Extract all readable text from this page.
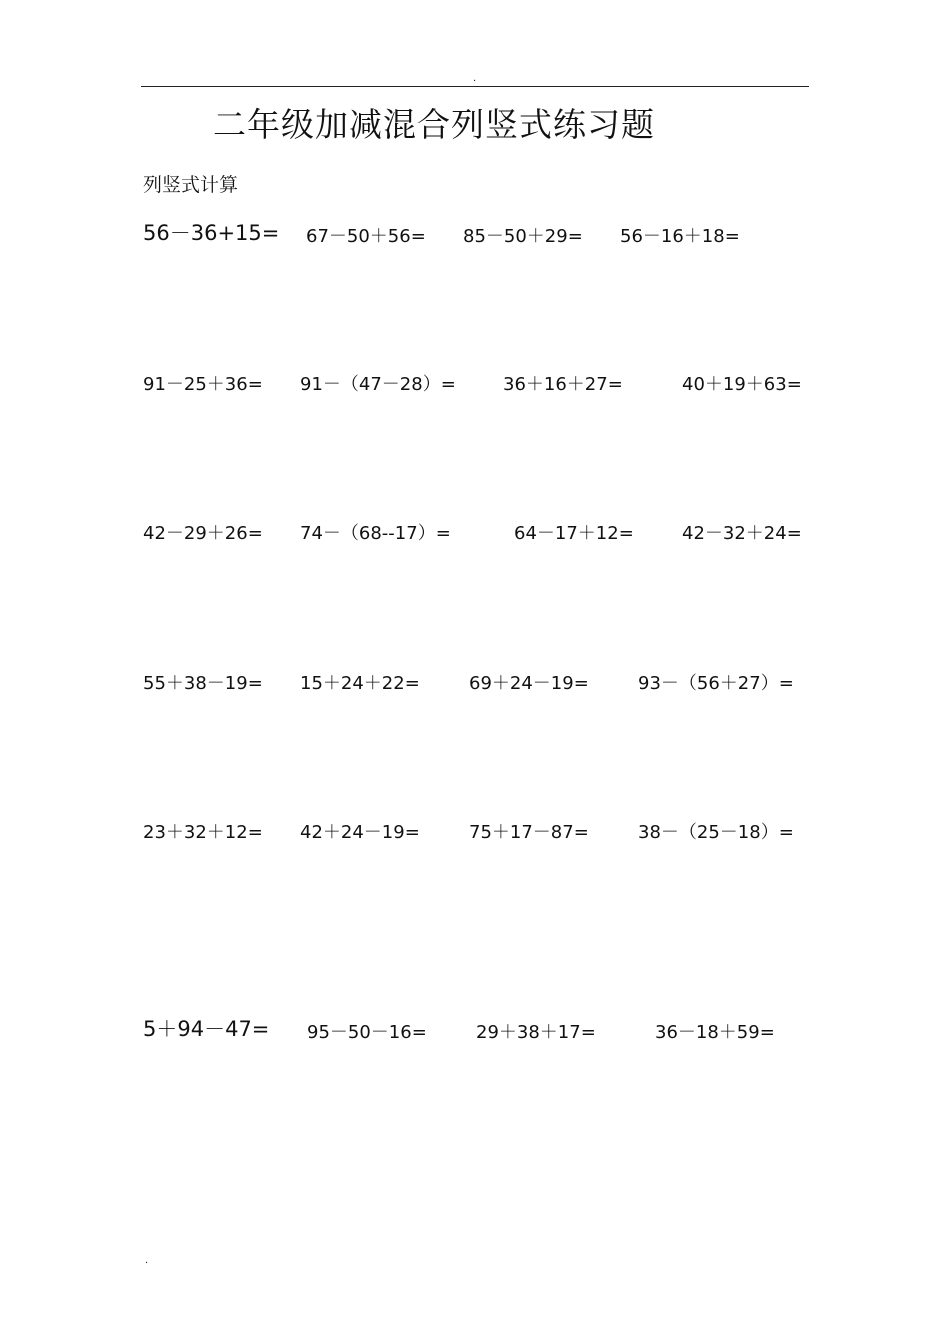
.
二年级加减混合列竖式练习题
列竖式计算
56－36+15= 67－50＋56= 85－50＋29= 56－16＋18=
91－25＋36= 91－（47－28）=	36＋16＋27=	40＋19＋63=
42－29＋26= 74－（68--17）=	64－17＋12=	42－32＋24=
55＋38－19= 15＋24＋22=	69＋24－19=	93－（56＋27）=
23＋32＋12= 42＋24－19=	75＋17－87=	38－（25－18）=
5＋94－47= 95－50－16=	29＋38＋17=	36－18＋59=
.
